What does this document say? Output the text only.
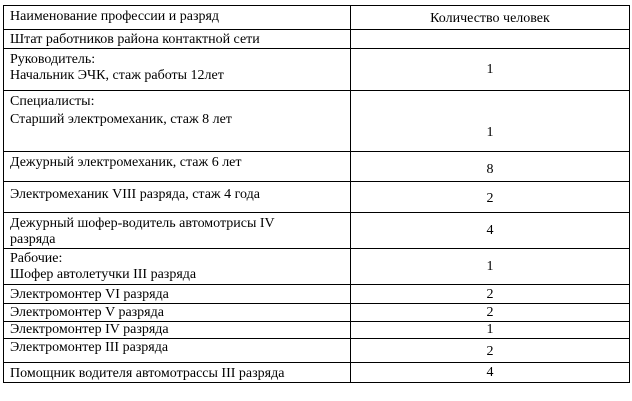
Наименование профессии и разряд	Количество человек
Штат работников района контактной сети	

Руководитель:
Начальник ЭЧК, стаж работы 12лет	1

Специалисты:
Старший электромеханик, стаж 8 лет	1
Дежурный электромеханик, стаж 6 лет	8
Электромеханик VIII разряда, стаж 4 года	2

Дежурный шофер-водитель автомотрисы IV
разряда	4

Рабочие:
Шофер автолетучки III разряда	1
Электромонтер VI разряда	2
Электромонтер V разряда	2
Электромонтер IV разряда	1
Электромонтер III разряда	2
Помощник водителя автомотрассы III разряда	4
